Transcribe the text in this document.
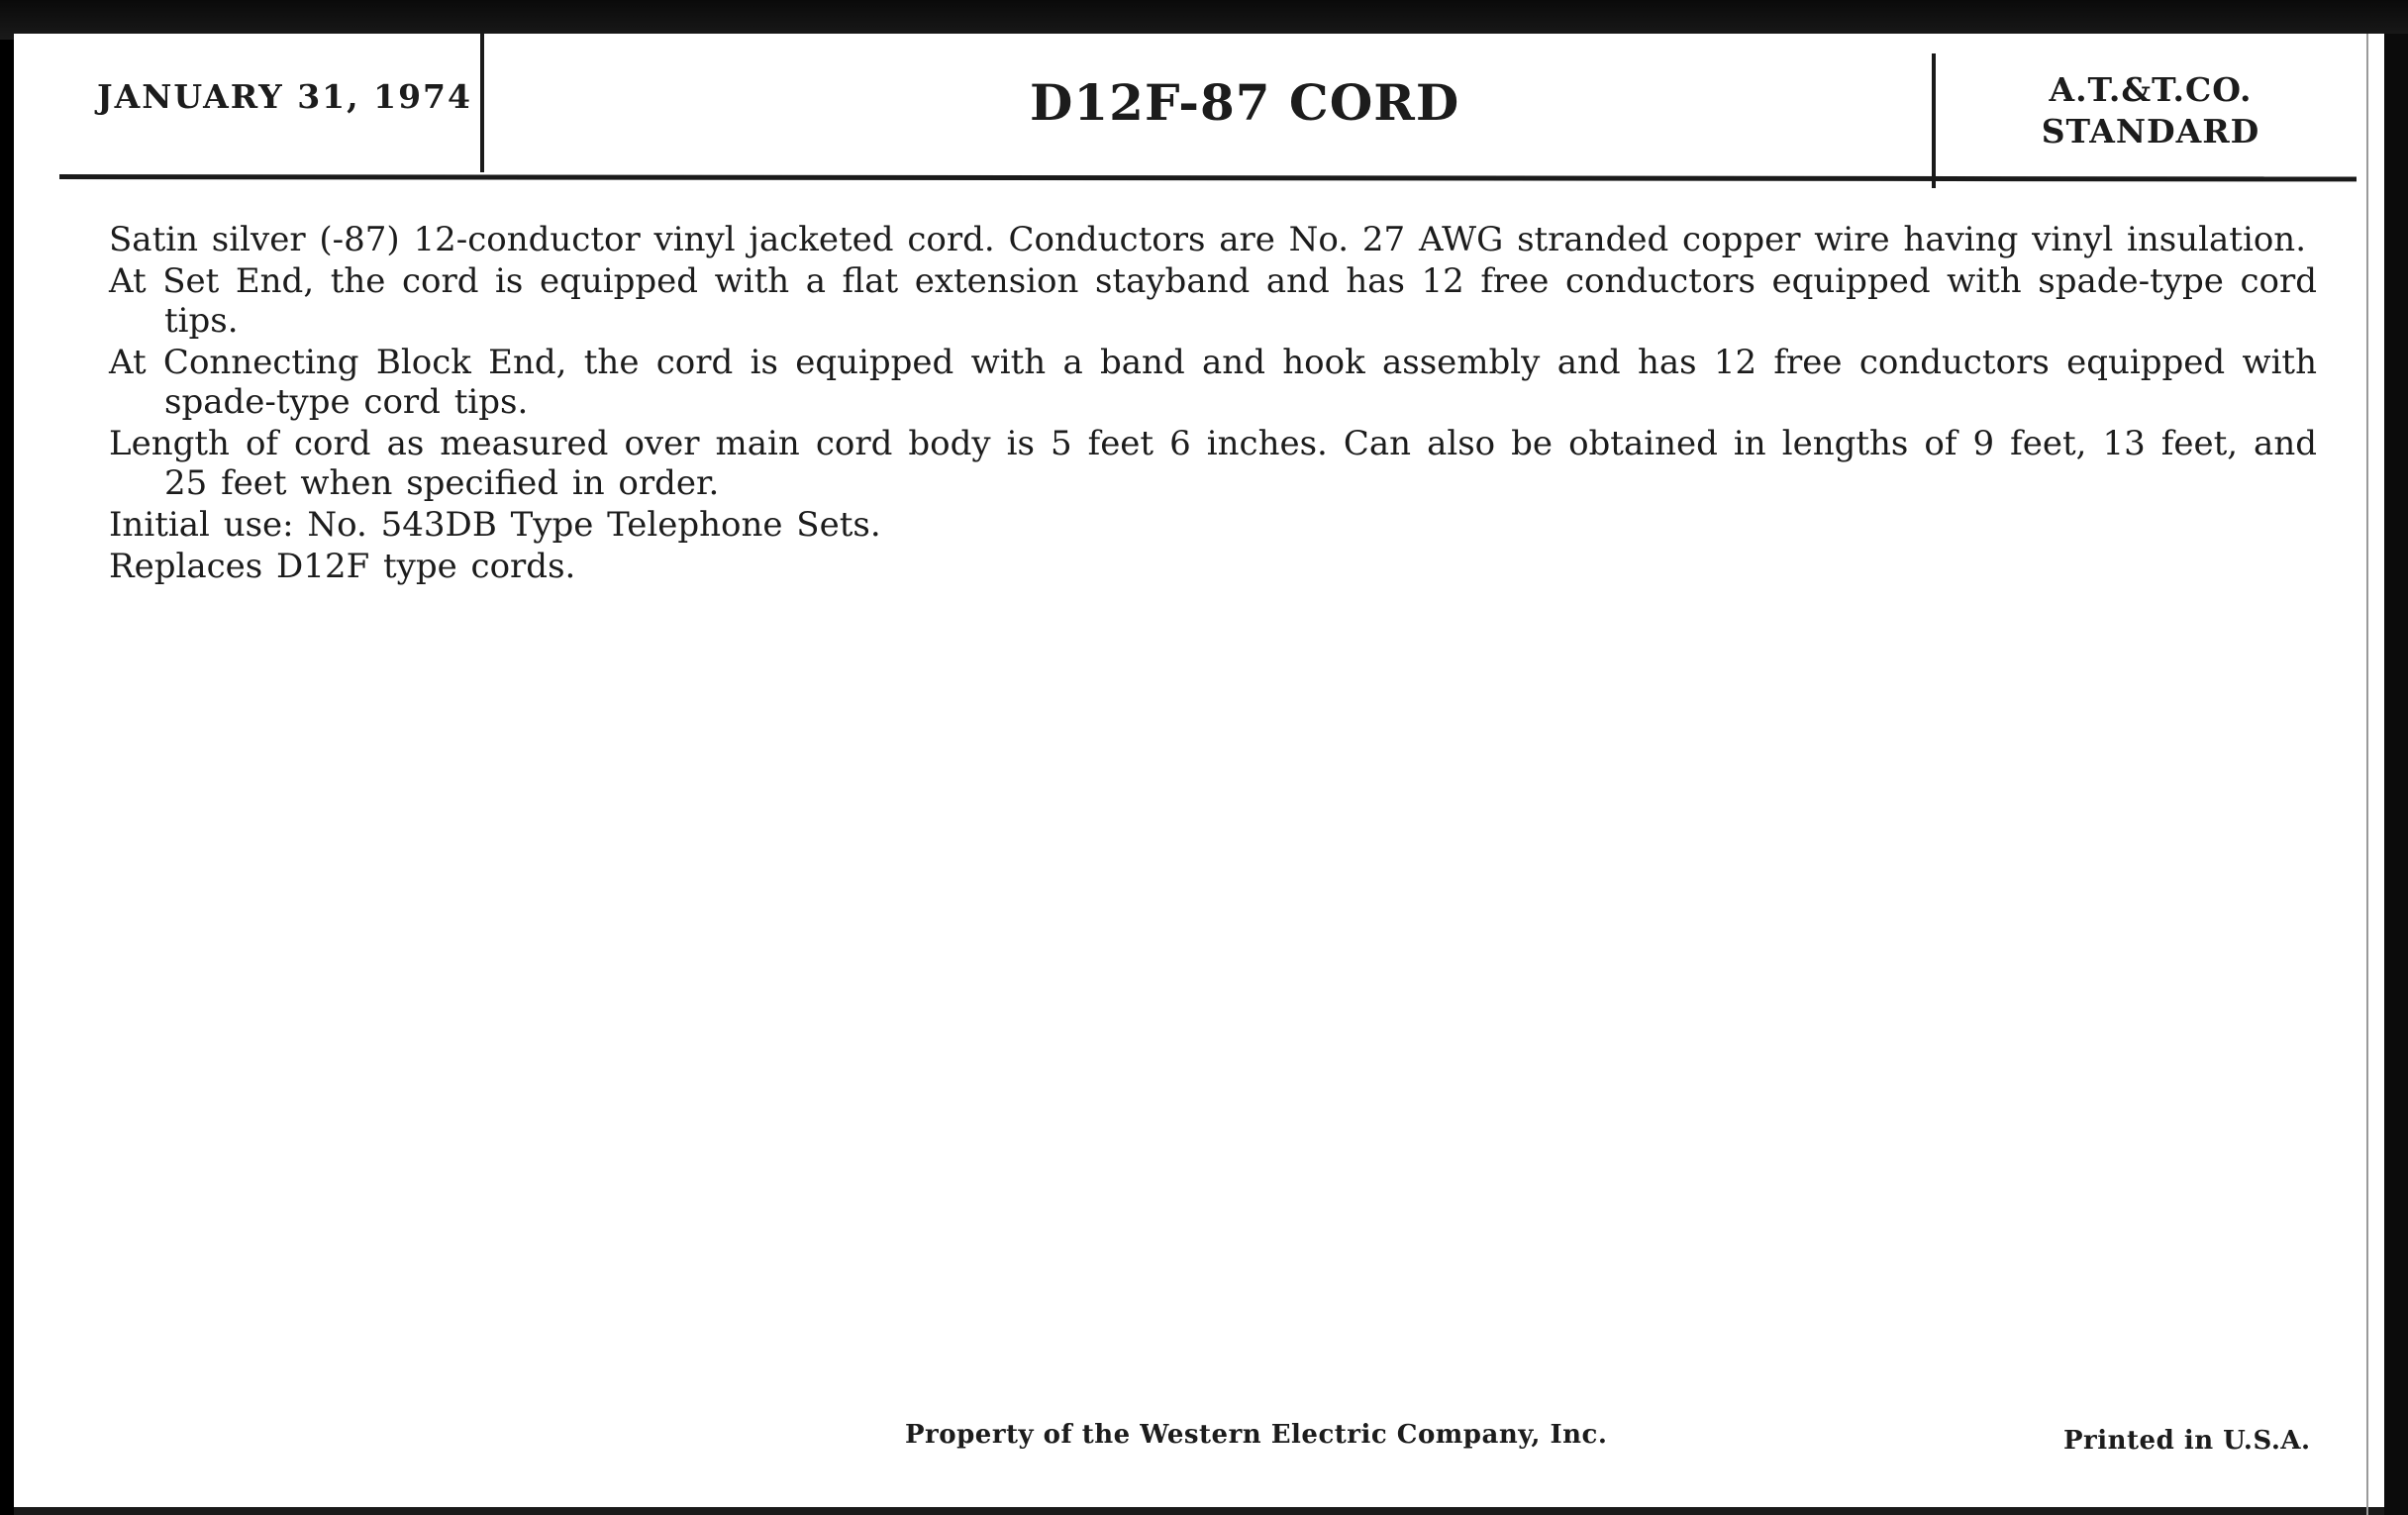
JANUARY 31, 1974	D12F-87 CORD	A.T.&T.CO.
STANDARD

Satin silver (-87) 12-conductor vinyl jacketed cord. Conductors are No. 27 AWG stranded copper wire having vinyl insulation.

At Set End, the cord is equipped with a flat extension stayband and has 12 free conductors equipped with spade-type cord tips.

At Connecting Block End, the cord is equipped with a band and hook assembly and has 12 free conductors equipped with spade-type cord tips.

Length of cord as measured over main cord body is 5 feet 6 inches. Can also be obtained in lengths of 9 feet, 13 feet, and 25 feet when specified in order.

Initial use: No. 543DB Type Telephone Sets.

Replaces D12F type cords.

Property of the Western Electric Company, Inc.	Printed in U.S.A.
